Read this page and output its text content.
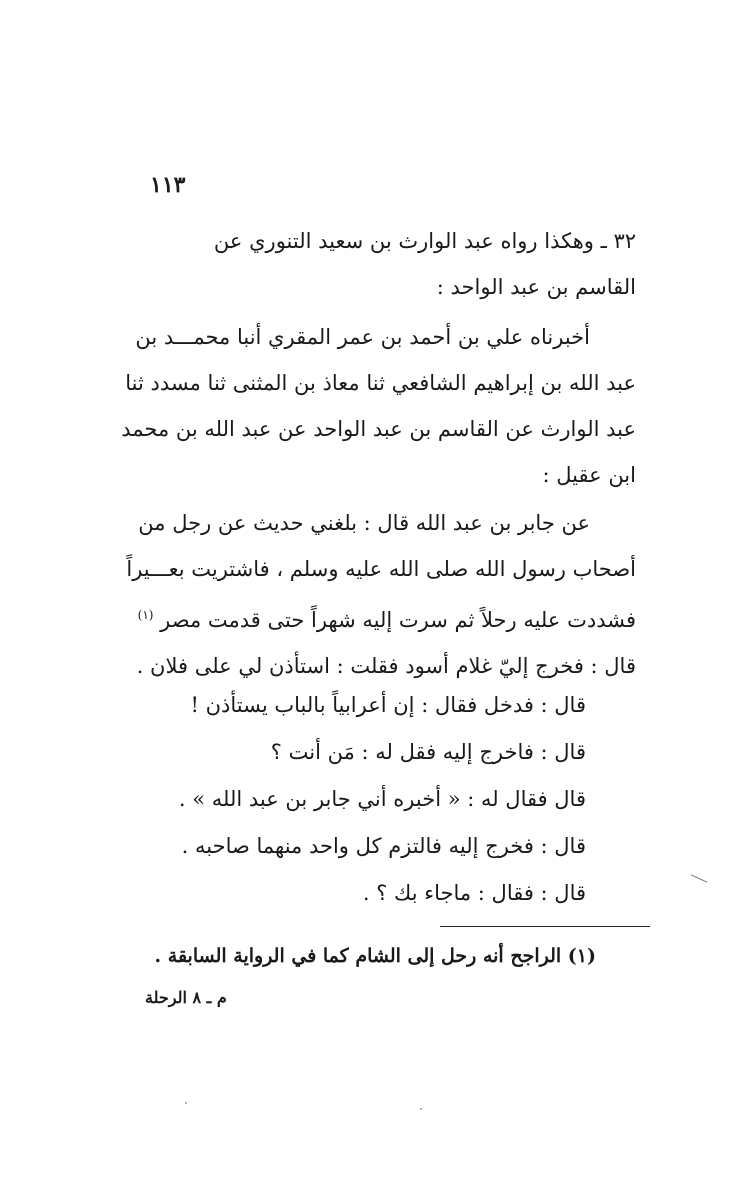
١١٣
٣٢ ـ وهكذا رواه عبد الوارث بن سعيد التنوري عن
القاسم بن عبد الواحد :
أخبرناه علي بن أحمد بن عمر المقري أنبا محمـــد بن
عبد الله بن إبراهيم الشافعي ثنا معاذ بن المثنى ثنا مسدد ثنا
عبد الوارث عن القاسم بن عبد الواحد عن عبد الله بن محمد
ابن عقيل :
عن جابر بن عبد الله قال : بلغني حديث عن رجل من
أصحاب رسول الله صلى الله عليه وسلم ، فاشتريت بعـــيراً
فشددت عليه رحلاً ثم سرت إليه شهراً حتى قدمت مصر $^{(١)}$
قال : فخرج إليّ غلام أسود فقلت : استأذن لي على فلان .
قال : فدخل فقال : إن أعرابياً بالباب يستأذن !
قال : فاخرج إليه فقل له : مَن أنت ؟
قال فقال له : « أخبره أني جابر بن عبد الله » .
قال : فخرج إليه فالتزم كل واحد منهما صاحبه .
قال : فقال : ماجاء بك ؟ .
(١) الراجح أنه رحل إلى الشام كما في الرواية السابقة .
م ـ ٨ الرحلة
